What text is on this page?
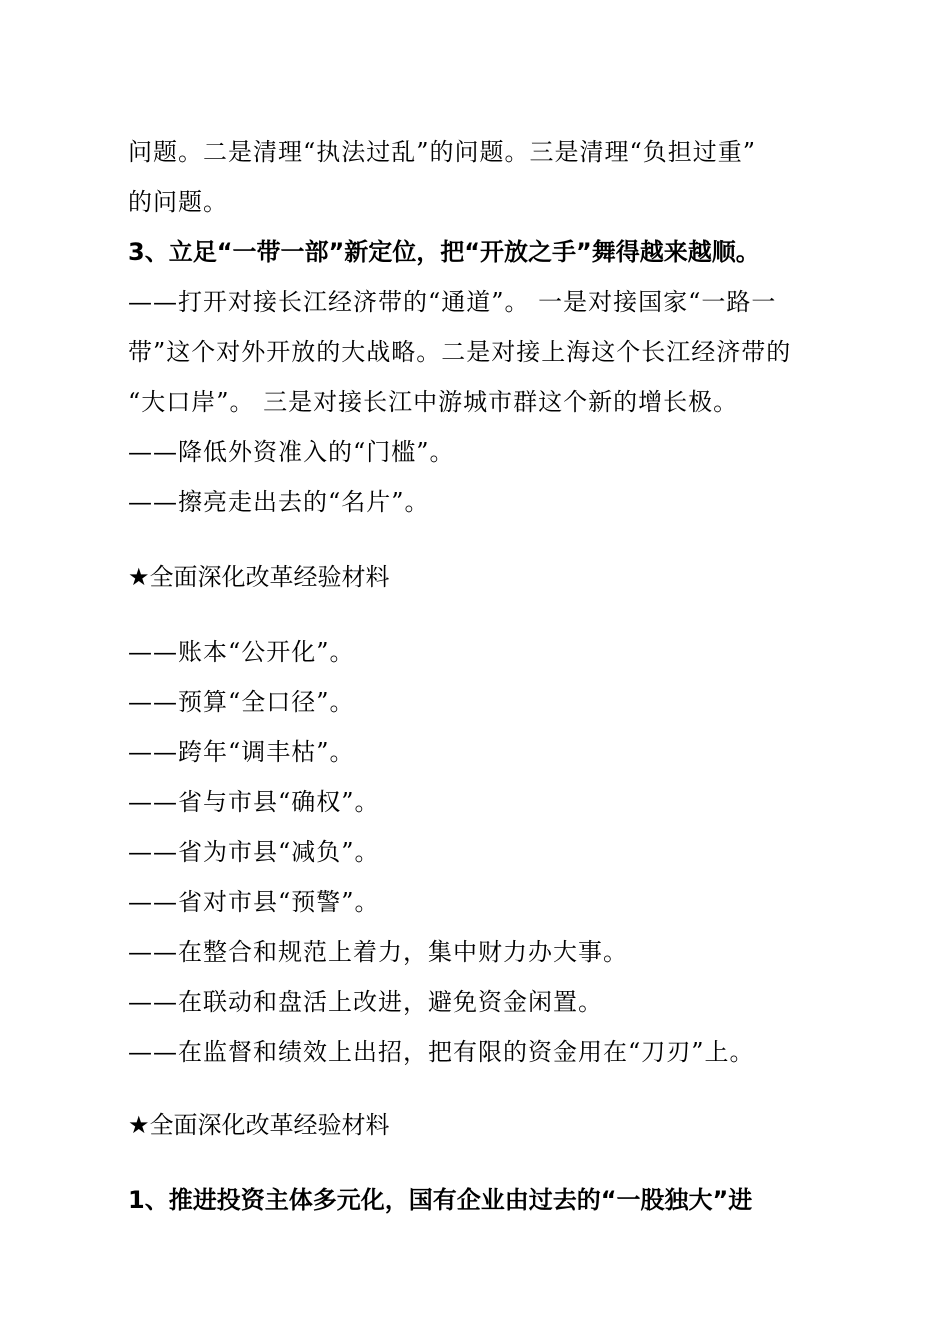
问题。二是清理“执法过乱”的问题。三是清理“负担过重”
的问题。
3、立足“一带一部”新定位，把“开放之手”舞得越来越顺。
——打开对接长江经济带的“通道”。 一是对接国家“一路一
带”这个对外开放的大战略。二是对接上海这个长江经济带的
“大口岸”。 三是对接长江中游城市群这个新的增长极。
——降低外资准入的“门槛”。
——擦亮走出去的“名片”。
★全面深化改革经验材料
——账本“公开化”。
——预算“全口径”。
——跨年“调丰枯”。
——省与市县“确权”。
——省为市县“减负”。
——省对市县“预警”。
——在整合和规范上着力，集中财力办大事。
——在联动和盘活上改进，避免资金闲置。
——在监督和绩效上出招，把有限的资金用在“刀刃”上。
★全面深化改革经验材料
1、推进投资主体多元化，国有企业由过去的“一股独大”进
